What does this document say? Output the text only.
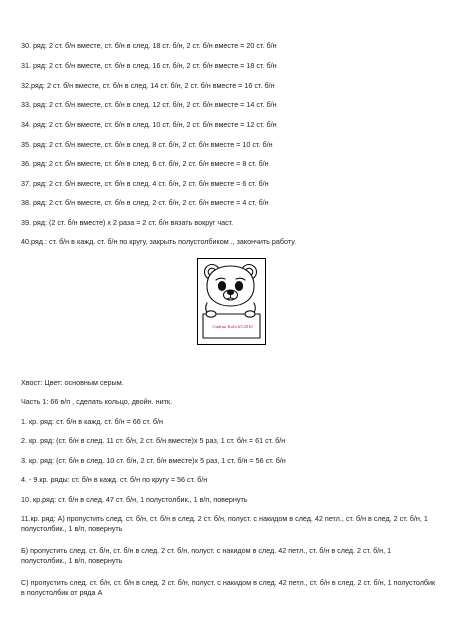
30. ряд: 2 ст. б/н вместе, ст. б/н в след. 18 ст. б/н, 2 ст. б/н вместе = 20 ст. б/н
31. ряд: 2 ст. б/н вместе, ст. б/н в след. 16 ст. б/н, 2 ст. б/н вместе = 18 ст. б/н
32.ряд: 2 ст. б/н вместе, ст. б/н в след. 14 ст. б/н, 2 ст. б/н вместе = 16 ст. б/н
33. ряд: 2 ст. б/н вместе, ст. б/н в след. 12 ст. б/н, 2 ст. б/н вместе = 14 ст. б/н
34. ряд: 2 ст. б/н вместе, ст. б/н в след. 10 ст. б/н, 2 ст. б/н вместе = 12 ст. б/н
35. ряд: 2 ст. б/н вместе, ст. б/н в след. 8 ст. б/н, 2 ст. б/н вместе = 10 ст. б/н
36. ряд: 2 ст. б/н вместе, ст. б/н в след. 6 ст. б/н, 2 ст. б/н вместе = 8 ст. б/н
37. ряд: 2 ст. б/н вместе, ст. б/н в след. 4 ст. б/н, 2 ст. б/н вместе = 6 ст. б/н
38. ряд: 2 ст. б/н вместе, ст. б/н в след. 2 ст. б/н, 2 ст. б/н вместе = 4 ст. б/н
39. ряд: (2 ст. б/н вместе) х 2 раза = 2 ст. б/н вязать вокруг част.
40.ряд.: ст. б/н в кажд. ст. б/н по кругу, закрыть полустолбиком ., закончить работу.
Gudrun Kolich©2010
Хвост: Цвет: основным серым.
Часть 1: 66 в/п , сделать кольцо, двойн. нитк.
1. кр. ряд: ст. б/н в кажд. ст. б/н = 66 ст. б/н
2. кр. ряд: (ст. б/н в след. 11 ст. б/н, 2 ст. б/н вместе)х 5 раз, 1 ст. б/н = 61 ст. б/н
3. кр. ряд: (ст. б/н в след. 10 ст. б/н, 2 ст. б/н вместе)х 5 раз, 1 ст. б/н = 56 ст. б/н
4. - 9.кр. ряды: ст. б/н в кажд. ст. б/н по кругу = 56 ст. б/н
10. кр.ряд: ст. б/н в след. 47 ст. б/н, 1 полустолбик., 1 в/п, повернуть
11.кр. ряд: А) пропустить след. ст. б/н, ст. б/н в след. 2 ст. б/н, полуст. с накидом в след. 42 петл., ст. б/н в след. 2 ст. б/н, 1 полустолбик., 1 в/п, повернуть
Б) пропустить след. ст. б/н, ст. б/н в след. 2 ст. б/н, полуст. с накидом в след. 42 петл., ст. б/н в след. 2 ст. б/н, 1 полустолбик., 1 в/п, повернуть
С) пропустить след. ст. б/н, ст. б/н в след. 2 ст. б/н, полуст. с накидом в след. 42 петл., ст. б/н в след. 2 ст. б/н, 1 полустолбик в полустолбик от ряда А
